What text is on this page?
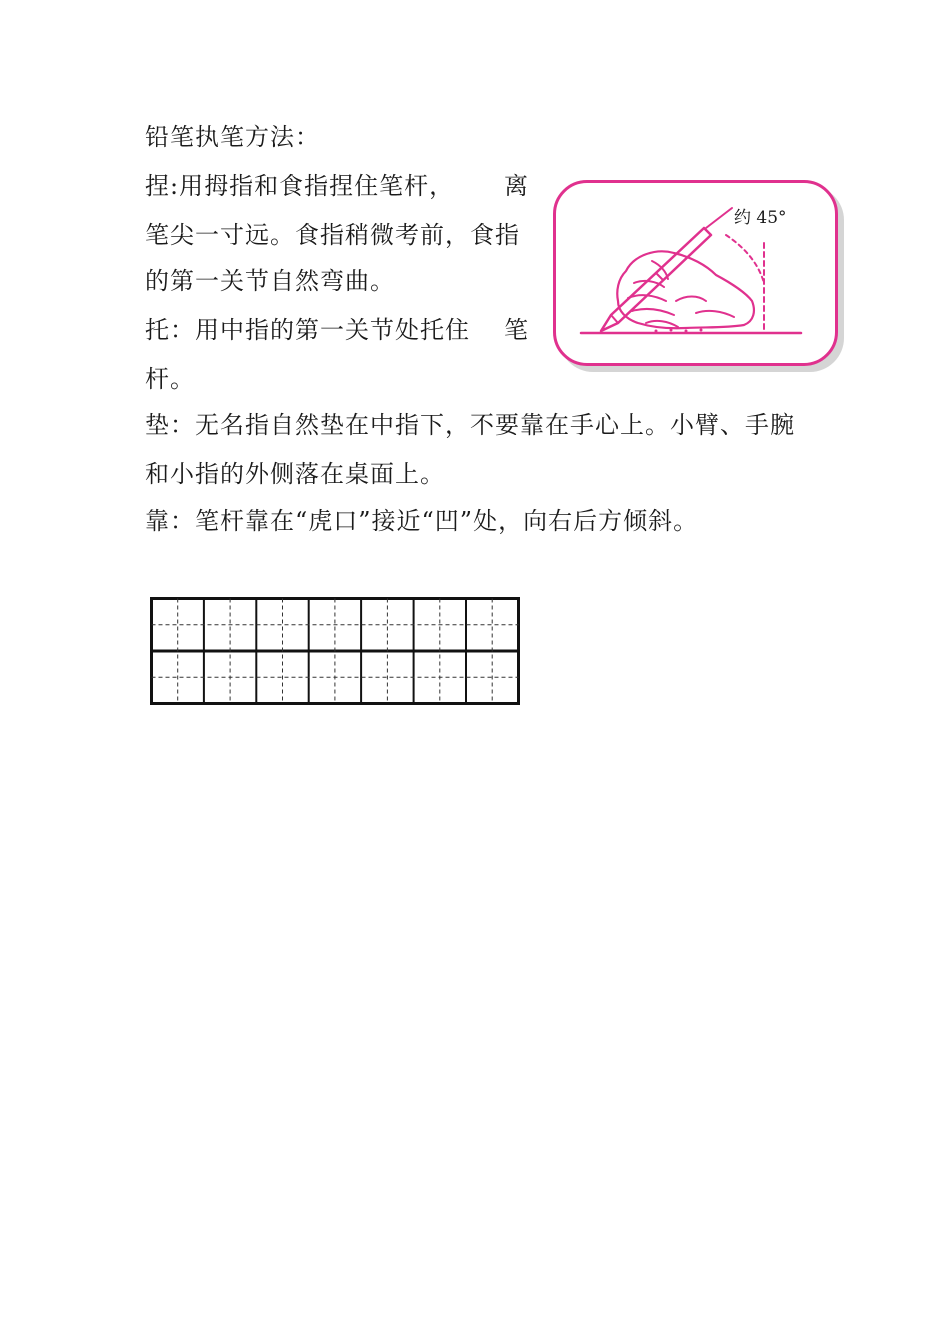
铅笔执笔方法：
捏:用拇指和食指捏住笔杆， 离
笔尖一寸远。食指稍微考前，食指
的第一关节自然弯曲。
托：用中指的第一关节处托住 笔
杆。
垫：无名指自然垫在中指下，不要靠在手心上。小臂、手腕
和小指的外侧落在桌面上。
靠：笔杆靠在“虎口”接近“凹”处，向右后方倾斜。
约 45°
